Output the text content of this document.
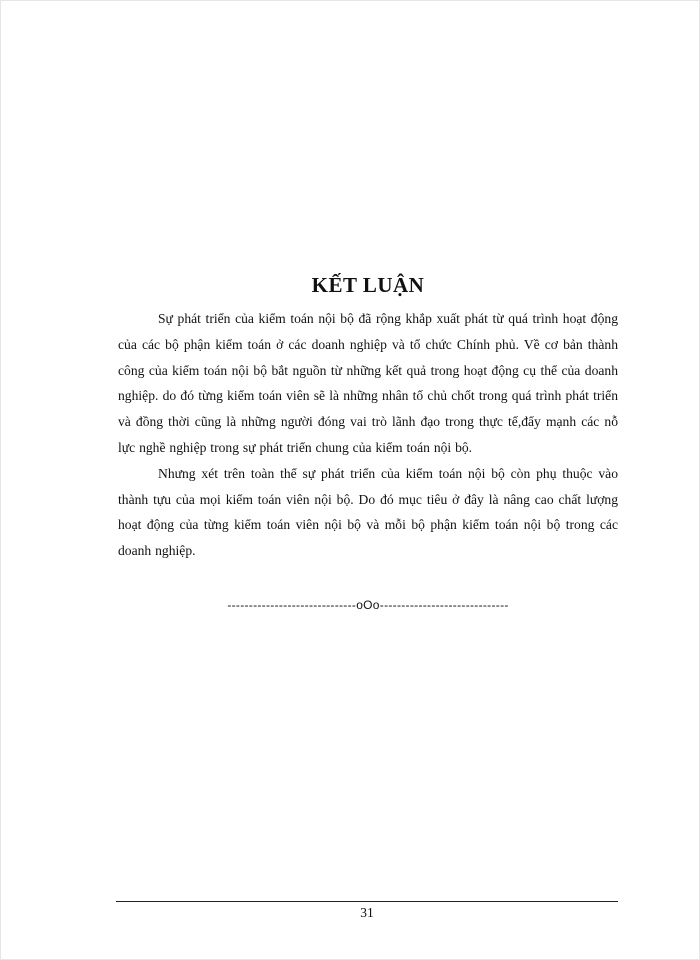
KẾT LUẬN

Sự phát triển của kiểm toán nội bộ đã rộng khắp xuất phát từ quá trình hoạt động của các bộ phận kiểm toán ở các doanh nghiệp và tổ chức Chính phủ. Về cơ bản thành công của kiểm toán nội bộ bắt nguồn từ những kết quả trong hoạt động cụ thể của doanh nghiệp. do đó từng kiểm toán viên sẽ là những nhân tố chủ chốt trong quá trình phát triển và đồng thời cũng là những người đóng vai trò lãnh đạo trong thực tế,đẩy mạnh các nỗ lực nghề nghiệp trong sự phát triển chung của kiểm toán nội bộ.

Nhưng xét trên toàn thể sự phát triển của kiểm toán nội bộ còn phụ thuộc vào thành tựu của mọi kiểm toán viên nội bộ. Do đó mục tiêu ở đây là nâng cao chất lượng hoạt động của từng kiểm toán viên nội bộ và mỗi bộ phận kiểm toán nội bộ trong các doanh nghiệp.

------------------------------oOo------------------------------
31
